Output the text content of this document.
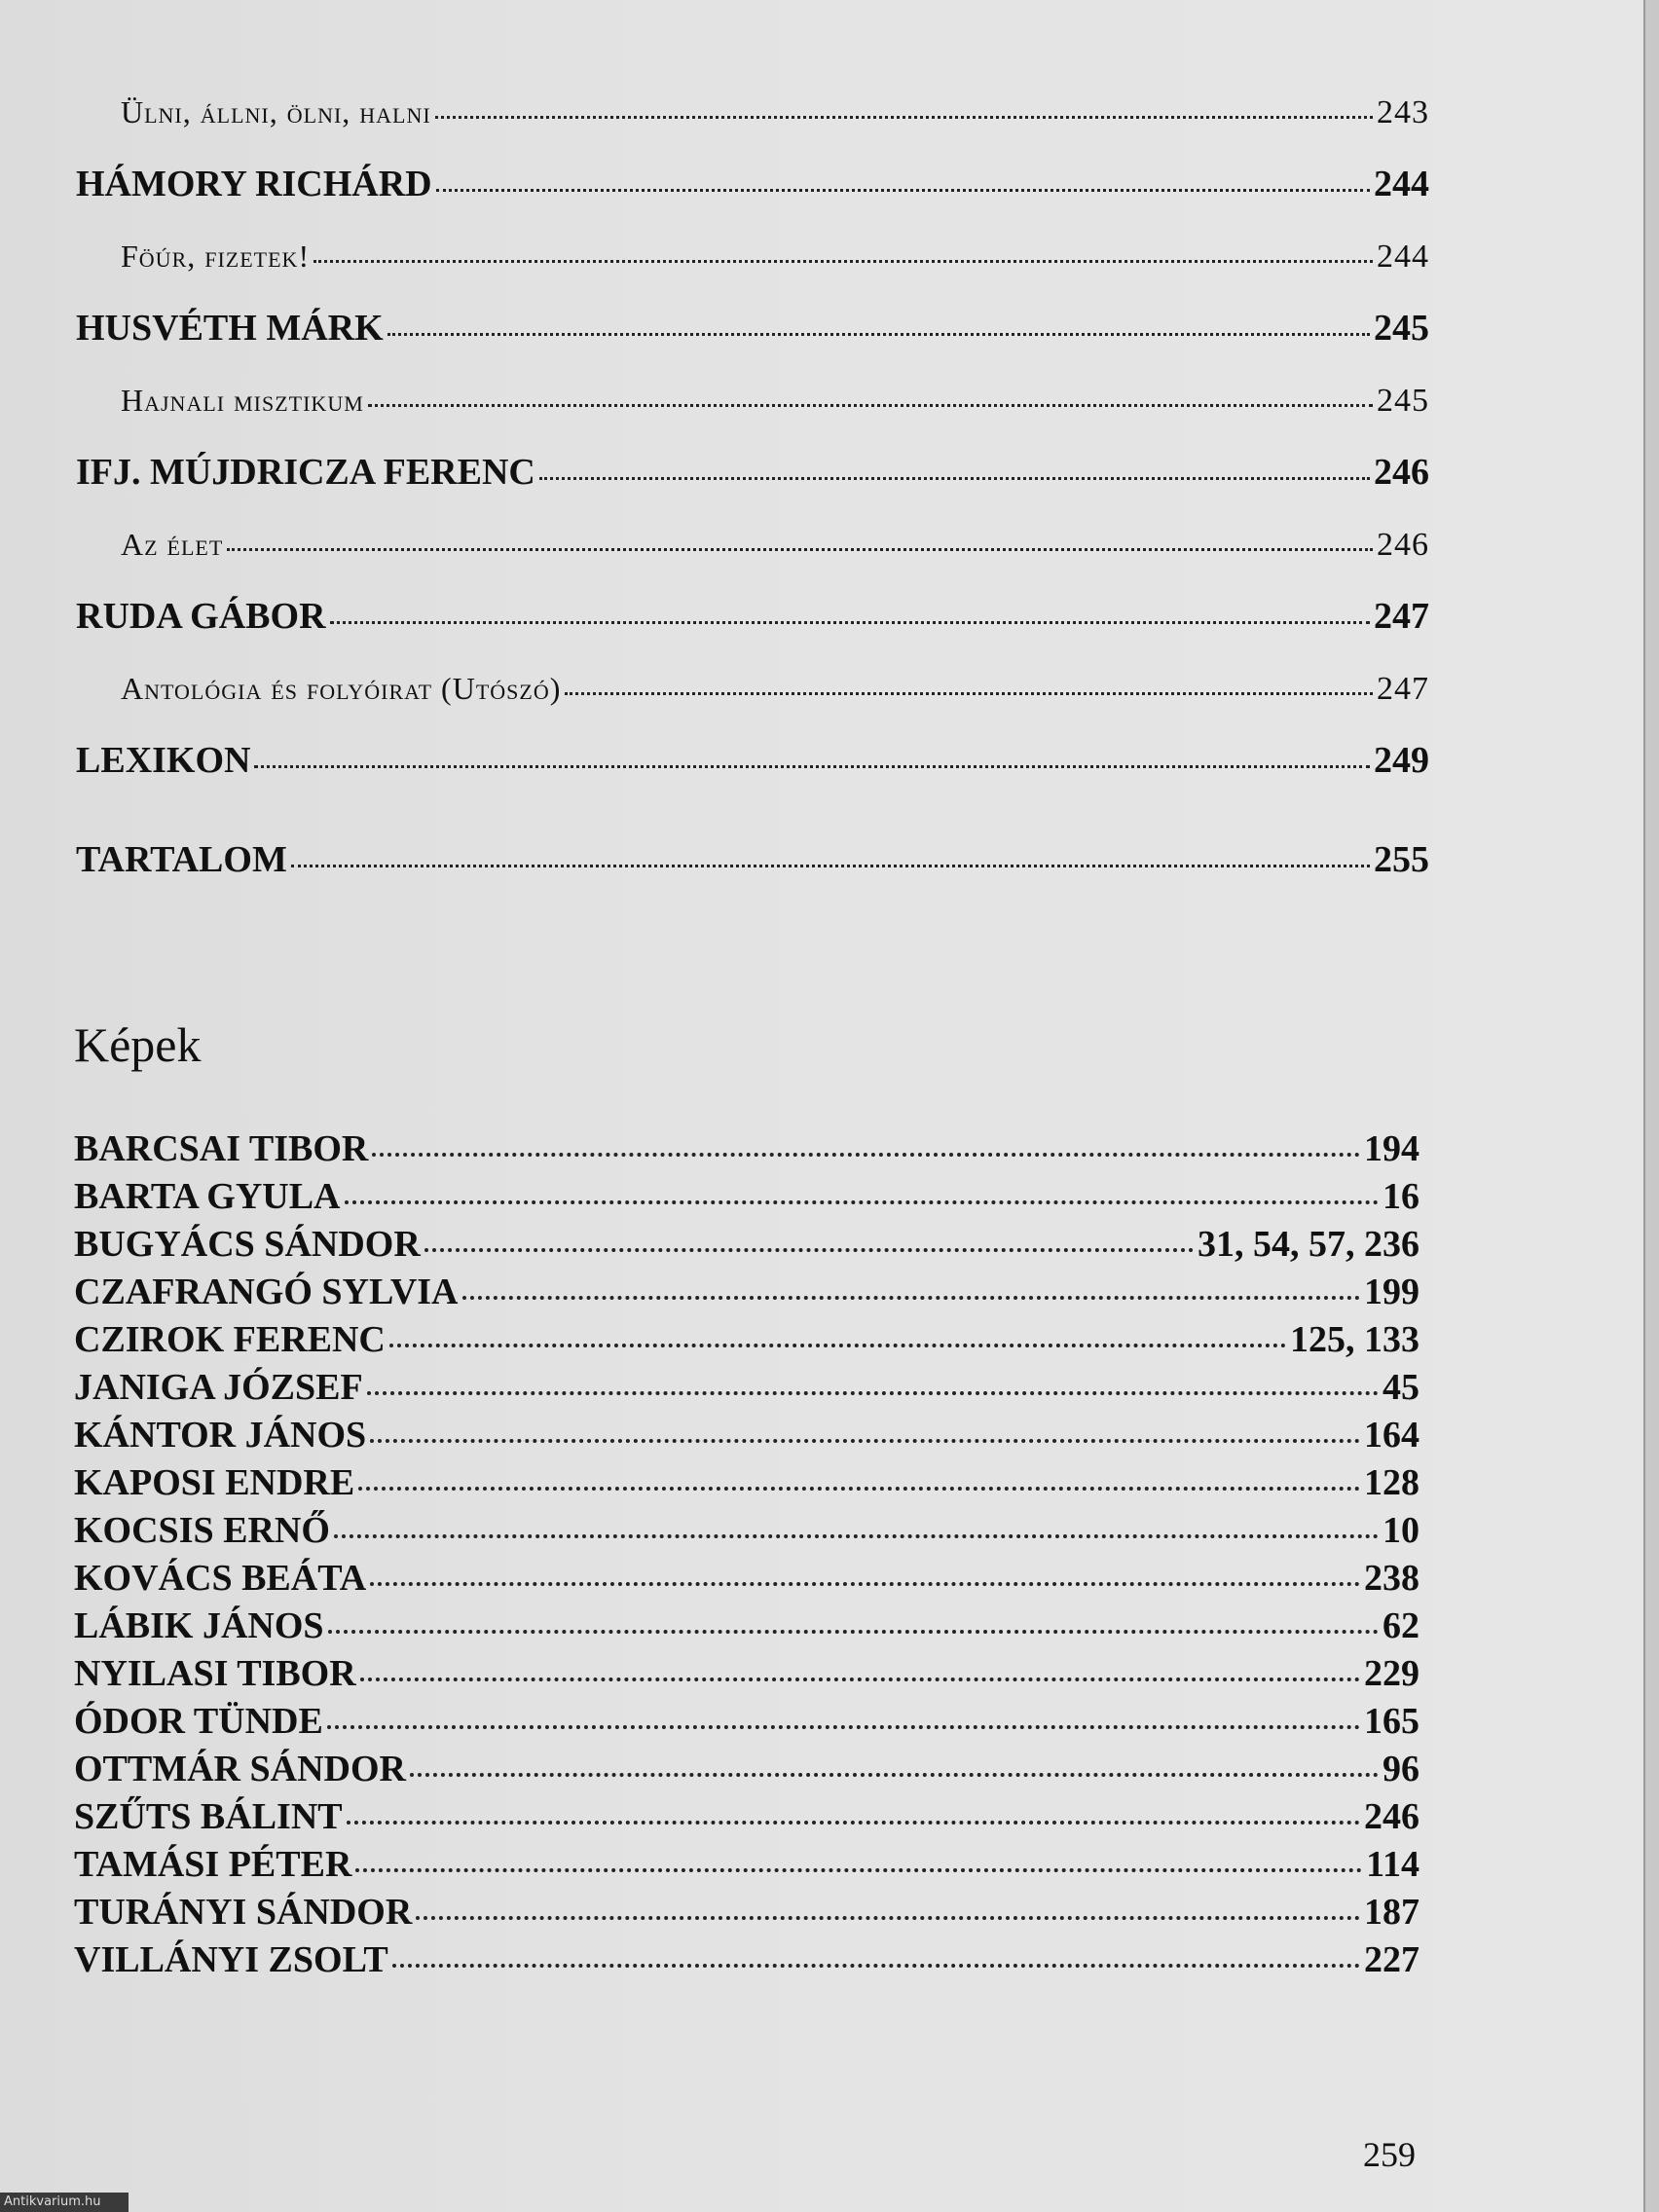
Ülni, állni, ölni, halni	243
HÁMORY RICHÁRD	244
Föúr, fizetek!	244
HUSVÉTH MÁRK	245
Hajnali misztikum	245
IFJ. MÚJDRICZA FERENC	246
Az élet	246
RUDA GÁBOR	247
Antológia és folyóirat (Utószó)	247
LEXIKON	249
TARTALOM	255
Képek
BARCSAI TIBOR	194
BARTA GYULA	16
BUGYÁCS SÁNDOR	31, 54, 57, 236
CZAFRANGÓ SYLVIA	199
CZIROK FERENC	125, 133
JANIGA JÓZSEF	45
KÁNTOR JÁNOS	164
KAPOSI ENDRE	128
KOCSIS ERNŐ	10
KOVÁCS BEÁTA	238
LÁBIK JÁNOS	62
NYILASI TIBOR	229
ÓDOR TÜNDE	165
OTTMÁR SÁNDOR	96
SZŰTS BÁLINT	246
TAMÁSI PÉTER	114
TURÁNYI SÁNDOR	187
VILLÁNYI ZSOLT	227
259
Antikvarium.hu
